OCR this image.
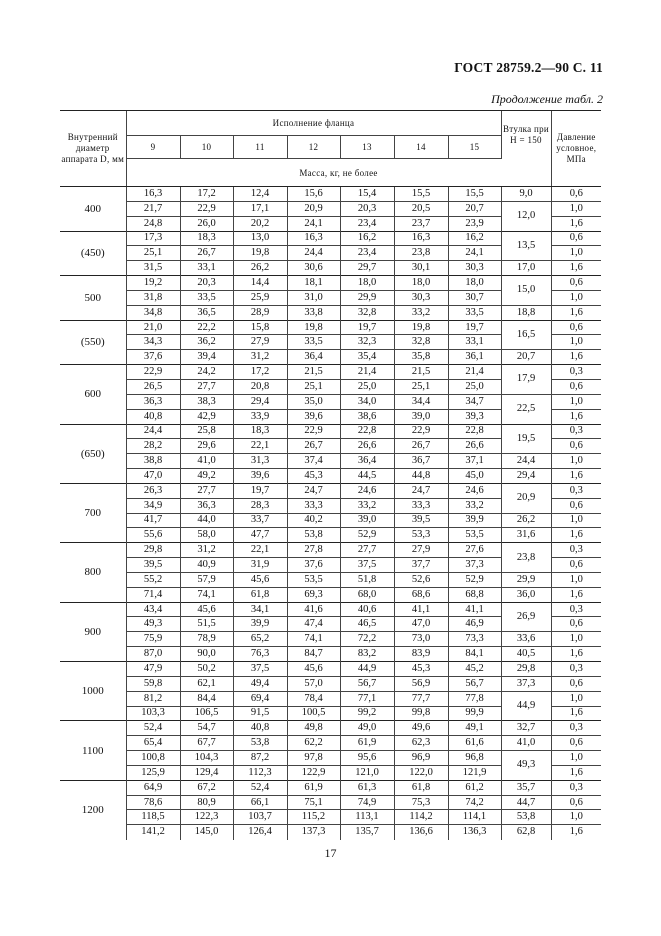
ГОСТ 28759.2—90 С. 11
Продолжение табл. 2
Внутренний диаметр аппарата D, мм	Исполнение фланца							Втулка при
H = 150	Давление условное, МПа
	9	10	11	12	13	14	15		
	Масса, кг, не более								
400	16,3	17,2	12,4	15,6	15,4	15,5	15,5	9,0	0,6
	21,7	22,9	17,1	20,9	20,3	20,5	20,7	12,0	1,0
	24,8	26,0	20,2	24,1	23,4	23,7	23,9		1,6
(450)	17,3	18,3	13,0	16,3	16,2	16,3	16,2	13,5	0,6
	25,1	26,7	19,8	24,4	23,4	23,8	24,1		1,0
	31,5	33,1	26,2	30,6	29,7	30,1	30,3	17,0	1,6
500	19,2	20,3	14,4	18,1	18,0	18,0	18,0	15,0	0,6
	31,8	33,5	25,9	31,0	29,9	30,3	30,7		1,0
	34,8	36,5	28,9	33,8	32,8	33,2	33,5	18,8	1,6
(550)	21,0	22,2	15,8	19,8	19,7	19,8	19,7	16,5	0,6
	34,3	36,2	27,9	33,5	32,3	32,8	33,1		1,0
	37,6	39,4	31,2	36,4	35,4	35,8	36,1	20,7	1,6
600	22,9	24,2	17,2	21,5	21,4	21,5	21,4	17,9	0,3
	26,5	27,7	20,8	25,1	25,0	25,1	25,0		0,6
	36,3	38,3	29,4	35,0	34,0	34,4	34,7	22,5	1,0
	40,8	42,9	33,9	39,6	38,6	39,0	39,3		1,6
(650)	24,4	25,8	18,3	22,9	22,8	22,9	22,8	19,5	0,3
	28,2	29,6	22,1	26,7	26,6	26,7	26,6		0,6
	38,8	41,0	31,3	37,4	36,4	36,7	37,1	24,4	1,0
	47,0	49,2	39,6	45,3	44,5	44,8	45,0	29,4	1,6
700	26,3	27,7	19,7	24,7	24,6	24,7	24,6	20,9	0,3
	34,9	36,3	28,3	33,3	33,2	33,3	33,2		0,6
	41,7	44,0	33,7	40,2	39,0	39,5	39,9	26,2	1,0
	55,6	58,0	47,7	53,8	52,9	53,3	53,5	31,6	1,6
800	29,8	31,2	22,1	27,8	27,7	27,9	27,6	23,8	0,3
	39,5	40,9	31,9	37,6	37,5	37,7	37,3		0,6
	55,2	57,9	45,6	53,5	51,8	52,6	52,9	29,9	1,0
	71,4	74,1	61,8	69,3	68,0	68,6	68,8	36,0	1,6
900	43,4	45,6	34,1	41,6	40,6	41,1	41,1	26,9	0,3
	49,3	51,5	39,9	47,4	46,5	47,0	46,9		0,6
	75,9	78,9	65,2	74,1	72,2	73,0	73,3	33,6	1,0
	87,0	90,0	76,3	84,7	83,2	83,9	84,1	40,5	1,6
1000	47,9	50,2	37,5	45,6	44,9	45,3	45,2	29,8	0,3
	59,8	62,1	49,4	57,0	56,7	56,9	56,7	37,3	0,6
	81,2	84,4	69,4	78,4	77,1	77,7	77,8	44,9	1,0
	103,3	106,5	91,5	100,5	99,2	99,8	99,9		1,6
1100	52,4	54,7	40,8	49,8	49,0	49,6	49,1	32,7	0,3
	65,4	67,7	53,8	62,2	61,9	62,3	61,6	41,0	0,6
	100,8	104,3	87,2	97,8	95,6	96,9	96,8	49,3	1,0
	125,9	129,4	112,3	122,9	121,0	122,0	121,9		1,6
1200	64,9	67,2	52,4	61,9	61,3	61,8	61,2	35,7	0,3
	78,6	80,9	66,1	75,1	74,9	75,3	74,2	44,7	0,6
	118,5	122,3	103,7	115,2	113,1	114,2	114,1	53,8	1,0
	141,2	145,0	126,4	137,3	135,7	136,6	136,3	62,8	1,6
17
